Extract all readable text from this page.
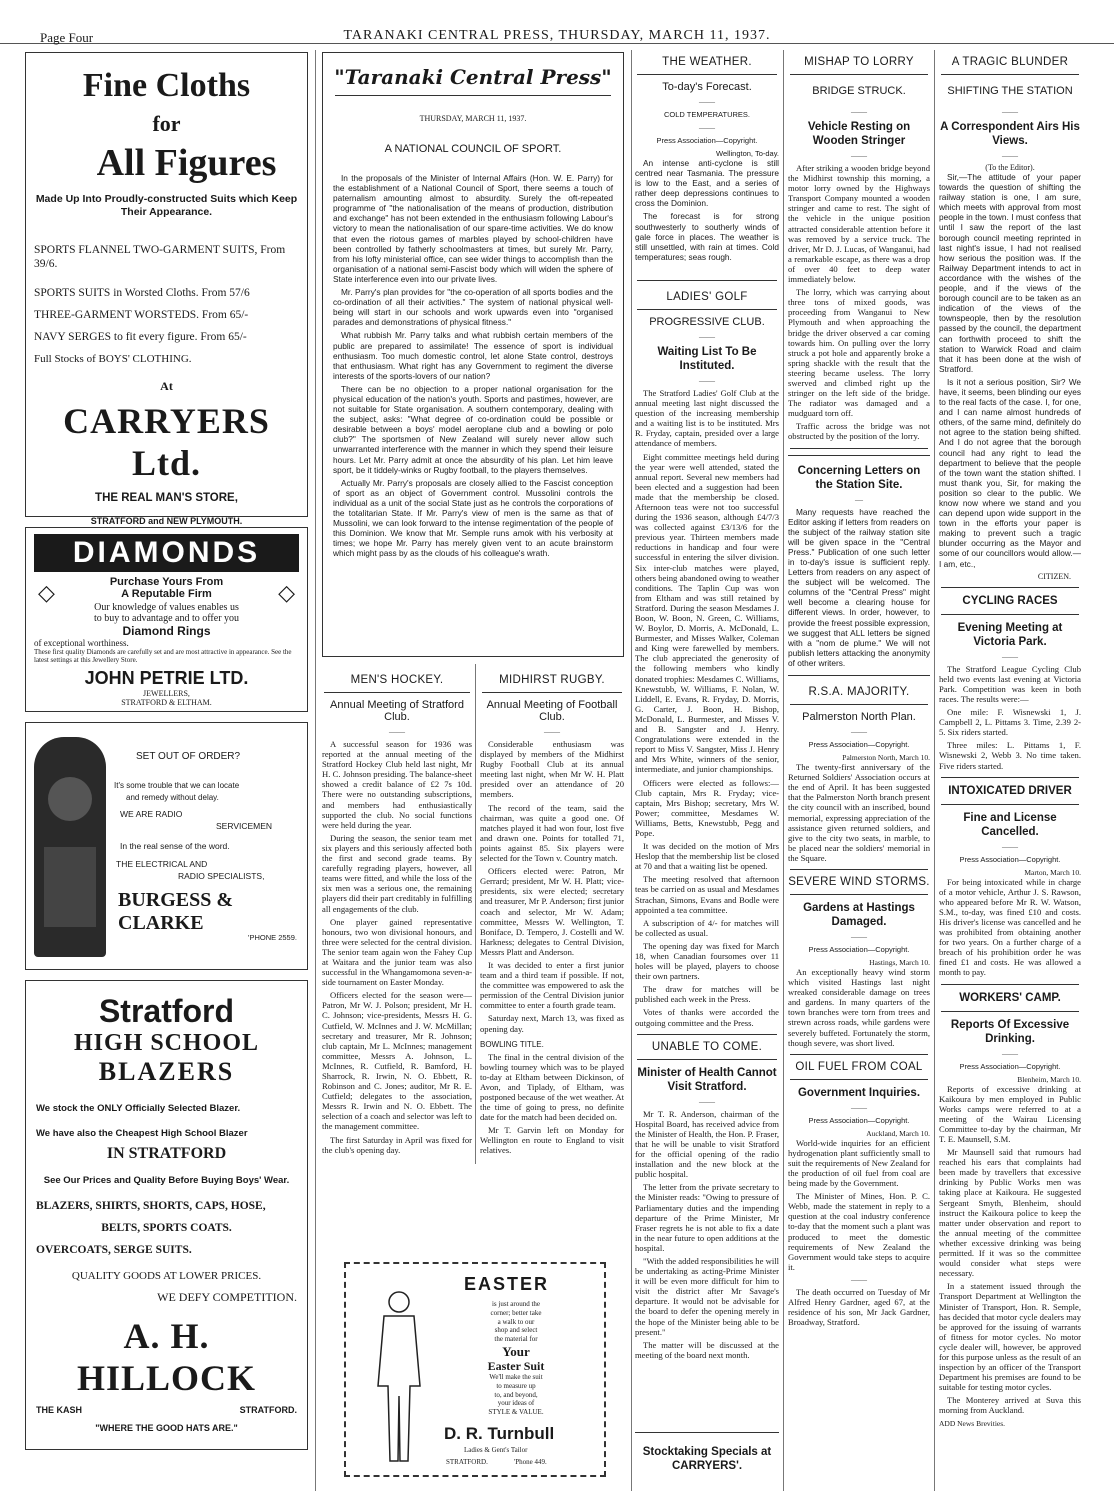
Page Four	TARANAKI CENTRAL PRESS, THURSDAY, MARCH 11, 1937.
Fine Cloths
for
All Figures
Made Up Into Proudly-constructed Suits which Keep Their Appearance.
SPORTS FLANNEL TWO-GARMENT SUITS, From 39/6.
SPORTS SUITS in Worsted Cloths. From 57/6
THREE-GARMENT WORSTEDS. From 65/-
NAVY SERGES to fit every figure. From 65/-
Full Stocks of BOYS' CLOTHING.
At
CARRYERS Ltd.
THE REAL MAN'S STORE,
STRATFORD and NEW PLYMOUTH.
DIAMONDS
◇	◇
Purchase Yours From
A Reputable Firm
Our knowledge of values enables us
to buy to advantage and to offer you
Diamond Rings
of exceptional worthiness.
These first quality Diamonds are carefully set and are most attractive in appearance. See the latest settings at this Jewellery Store.
JOHN PETRIE LTD.
JEWELLERS,
STRATFORD & ELTHAM.
SET OUT OF ORDER?
It's some trouble that we can locate
and remedy without delay.
WE ARE RADIO
SERVICEMEN
In the real sense of the word.
THE ELECTRICAL AND
RADIO SPECIALISTS,
BURGESS & CLARKE
'PHONE 2559.
Stratford
HIGH SCHOOL
BLAZERS
We stock the ONLY Officially Selected Blazer.
We have also the Cheapest High School Blazer
IN STRATFORD
See Our Prices and Quality Before Buying Boys' Wear.
BLAZERS, SHIRTS, SHORTS, CAPS, HOSE,
BELTS, SPORTS COATS.
OVERCOATS, SERGE SUITS.
QUALITY GOODS AT LOWER PRICES.
WE DEFY COMPETITION.
A. H. HILLOCK
THE KASH	STRATFORD.
"WHERE THE GOOD HATS ARE."
"Taranaki Central Press"
THURSDAY, MARCH 11, 1937.
A NATIONAL COUNCIL OF SPORT.

In the proposals of the Minister of Internal Affairs (Hon. W. E. Parry) for the establishment of a National Council of Sport, there seems a touch of paternalism amounting almost to absurdity. Surely the oft-repeated programme of "the nationalisation of the means of production, distribution and exchange" has not been extended in the enthusiasm following Labour's victory to mean the nationalisation of our spare-time activities. We do know that even the riotous games of marbles played by school-children have been controlled by fatherly schoolmasters at times, but surely Mr. Parry, from his lofty ministerial office, can see wider things to accomplish than the organisation of a national semi-Fascist body which will widen the sphere of State interference even into our private lives.

Mr. Parry's plan provides for "the co-operation of all sports bodies and the co-ordination of all their activities." The system of national physical well-being will start in our schools and work upwards even into "organised parades and demonstrations of physical fitness."

What rubbish Mr. Parry talks and what rubbish certain members of the public are prepared to assimilate! The essence of sport is individual enthusiasm. Too much domestic control, let alone State control, destroys that enthusiasm. What right has any Government to regiment the diverse interests of the sports-lovers of our nation?

There can be no objection to a proper national organisation for the physical education of the nation's youth. Sports and pastimes, however, are not suitable for State organisation. A southern contemporary, dealing with the subject, asks: "What degree of co-ordination could be possible or desirable between a boys' model aeroplane club and a bowling or polo club?" The sportsmen of New Zealand will surely never allow such unwarranted interference with the manner in which they spend their leisure hours. Let Mr. Parry admit at once the absurdity of his plan. Let him leave sport, be it tiddely-winks or Rugby football, to the players themselves.

Actually Mr. Parry's proposals are closely allied to the Fascist conception of sport as an object of Government control. Mussolini controls the individual as a unit of the social State just as he controls the corporations of the totalitarian State. If Mr. Parry's view of men is the same as that of Mussolini, we can look forward to the intense regimentation of the people of this Dominion. We know that Mr. Semple runs amok with his verbosity at times; we hope Mr. Parry has merely given vent to an acute brainstorm which might pass by as the clouds of his colleague's wrath.

MEN'S HOCKEY.
Annual Meeting of Stratford Club.
——

A successful season for 1936 was reported at the annual meeting of the Stratford Hockey Club held last night, Mr H. C. Johnson presiding. The balance-sheet showed a credit balance of £2 7s 10d. There were no outstanding subscriptions, and members had enthusiastically supported the club. No social functions were held during the year.

During the season, the senior team met six players and this seriously affected both the first and second grade teams. By carefully regrading players, however, all teams were fitted, and while the loss of the six men was a serious one, the remaining players did their part creditably in fulfilling all engagements of the club.

One player gained representative honours, two won divisional honours, and three were selected for the central division. The senior team again won the Fahey Cup at Waitara and the junior team was also successful in the Whangamomona seven-a-side tournament on Easter Monday.

Officers elected for the season were—Patron, Mr W. J. Polson; president, Mr H. C. Johnson; vice-presidents, Messrs H. G. Cutfield, W. McInnes and J. W. McMillan; secretary and treasurer, Mr R. Johnson; club captain, Mr L. McInnes; management committee, Messrs A. Johnson, L. McInnes, R. Cutfield, R. Bamford, H. Sharrock, R. Irwin, N. O. Ebbett, R. Robinson and C. Jones; auditor, Mr R. E. Cutfield; delegates to the association, Messrs R. Irwin and N. O. Ebbett. The selection of a coach and selector was left to the management committee.

The first Saturday in April was fixed for the club's opening day.

MIDHIRST RUGBY.
Annual Meeting of Football Club.
——

Considerable enthusiasm was displayed by members of the Midhirst Rugby Football Club at its annual meeting last night, when Mr W. H. Platt presided over an attendance of 20 members.

The record of the team, said the chairman, was quite a good one. Of matches played it had won four, lost five and drawn one. Points for totalled 71, points against 85. Six players were selected for the Town v. Country match.

Officers elected were: Patron, Mr Gerrard; president, Mr W. H. Platt; vice-presidents, six were elected; secretary and treasurer, Mr P. Anderson; first junior coach and selector, Mr W. Adam; committee, Messrs W. Wellington, T. Boniface, D. Tempero, J. Costelli and W. Harkness; delegates to Central Division, Messrs Platt and Anderson.

It was decided to enter a first junior team and a third team if possible. If not, the committee was empowered to ask the permission of the Central Division junior committee to enter a fourth grade team.

Saturday next, March 13, was fixed as opening day.

BOWLING TITLE.

The final in the central division of the bowling tourney which was to be played to-day at Eltham between Dickinson, of Avon, and Tiplady, of Eltham, was postponed because of the wet weather. At the time of going to press, no definite date for the match had been decided on.

Mr T. Garvin left on Monday for Wellington en route to England to visit relatives.

EASTER
is just around the
corner; better take
a walk to our
shop and select
the material for
Your
Easter Suit
We'll make the suit
to measure up
to, and beyond,
your ideas of
STYLE & VALUE.
D. R. Turnbull
Ladies & Gent's Tailor
STRATFORD.	'Phone 449.
THE WEATHER.
To-day's Forecast.
——
COLD TEMPERATURES.
——
Press Association—Copyright.
Wellington, To-day.

An intense anti-cyclone is still centred near Tasmania. The pressure is low to the East, and a series of rather deep depressions continues to cross the Dominion.

The forecast is for strong southwesterly to southerly winds of gale force in places. The weather is still unsettled, with rain at times. Cold temperatures; seas rough.

LADIES' GOLF
PROGRESSIVE CLUB.
——
Waiting List To Be Instituted.
——

The Stratford Ladies' Golf Club at the annual meeting last night discussed the question of the increasing membership and a waiting list is to be instituted. Mrs R. Fryday, captain, presided over a large attendance of members.

Eight committee meetings held during the year were well attended, stated the annual report. Several new members had been elected and a suggestion had been made that the membership be closed. Afternoon teas were not too successful during the 1936 season, although £4/7/3 was collected against £3/13/6 for the previous year. Thirteen members made reductions in handicap and four were successful in entering the silver division. Six inter-club matches were played, others being abandoned owing to weather conditions. The Taplin Cup was won from Eltham and was still retained by Stratford. During the season Mesdames J. Boon, W. Boon, N. Green, C. Williams, W. Boylor, D. Morris, A. McDonald, L. Burmester, and Misses Walker, Coleman and King were farewelled by members. The club appreciated the generosity of the following members who kindly donated trophies: Mesdames C. Williams, Knewstubb, W. Williams, F. Nolan, W. Liddell, E. Evans, R. Fryday, D. Morris, G. Carter, J. Boon, H. Bishop, McDonald, L. Burmester, and Misses V. and B. Sangster and J. Henry. Congratulations were extended in the report to Miss V. Sangster, Miss J. Henry and Mrs White, winners of the senior, intermediate, and junior championships.

Officers were elected as follows:—Club captain, Mrs R. Fryday; vice-captain, Mrs Bishop; secretary, Mrs W. Power; committee, Mesdames W. Williams, Betts, Knewstubb, Pegg and Pope.

It was decided on the motion of Mrs Heslop that the membership list be closed at 70 and that a waiting list be opened.

The meeting resolved that afternoon teas be carried on as usual and Mesdames Strachan, Simons, Evans and Bodle were appointed a tea committee.

A subscription of 4/- for matches will be collected as usual.

The opening day was fixed for March 18, when Canadian foursomes over 11 holes will be played, players to choose their own partners.

The draw for matches will be published each week in the Press.

Votes of thanks were accorded the outgoing committee and the Press.

UNABLE TO COME.
Minister of Health Cannot Visit Stratford.
——

Mr T. R. Anderson, chairman of the Hospital Board, has received advice from the Minister of Health, the Hon. P. Fraser, that he will be unable to visit Stratford for the official opening of the radio installation and the new block at the public hospital.

The letter from the private secretary to the Minister reads: "Owing to pressure of Parliamentary duties and the impending departure of the Prime Minister, Mr Fraser regrets he is not able to fix a date in the near future to open additions at the hospital.

"With the added responsibilities he will be undertaking as acting-Prime Minister it will be even more difficult for him to visit the district after Mr Savage's departure. It would not be advisable for the board to defer the opening merely in the hope of the Minister being able to be present."

The matter will be discussed at the meeting of the board next month.

Stocktaking Specials at CARRYERS'.
MISHAP TO LORRY
BRIDGE STRUCK.
——
Vehicle Resting on Wooden Stringer
——

After striking a wooden bridge beyond the Midhirst township this morning, a motor lorry owned by the Highways Transport Company mounted a wooden stringer and came to rest. The sight of the vehicle in the unique position attracted considerable attention before it was removed by a service truck. The driver, Mr D. J. Lucas, of Wanganui, had a remarkable escape, as there was a drop of over 40 feet to deep water immediately below.

The lorry, which was carrying about three tons of mixed goods, was proceeding from Wanganui to New Plymouth and when approaching the bridge the driver observed a car coming towards him. On pulling over the lorry struck a pot hole and apparently broke a spring shackle with the result that the steering became useless. The lorry swerved and climbed right up the stringer on the left side of the bridge. The radiator was damaged and a mudguard torn off.

Traffic across the bridge was not obstructed by the position of the lorry.

Concerning Letters on the Station Site.
—

Many requests have reached the Editor asking if letters from readers on the subject of the railway station site will be given space in the "Central Press." Publication of one such letter in to-day's issue is sufficient reply. Letters from readers on any aspect of the subject will be welcomed. The columns of the "Central Press" might well become a clearing house for different views. In order, however, to provide the freest possible expression, we suggest that ALL letters be signed with a "nom de plume." We will not publish letters attacking the anonymity of other writers.

R.S.A. MAJORITY.
Palmerston North Plan.
——
Press Association—Copyright.
Palmerston North, March 10.

The twenty-first anniversary of the Returned Soldiers' Association occurs at the end of April. It has been suggested that the Palmerston North branch present the city council with an inscribed, bound memorial, expressing appreciation of the assistance given returned soldiers, and give to the city two seats, in marble, to be placed near the soldiers' memorial in the Square.

SEVERE WIND STORMS.
Gardens at Hastings Damaged.
——
Press Association—Copyright.
Hastings, March 10.

An exceptionally heavy wind storm which visited Hastings last night wreaked considerable damage on trees and gardens. In many quarters of the town branches were torn from trees and strewn across roads, while gardens were severely buffeted. Fortunately the storm, though severe, was short lived.

OIL FUEL FROM COAL
Government Inquiries.
——
Press Association—Copyright.
Auckland, March 10.

World-wide inquiries for an efficient hydrogenation plant sufficiently small to suit the requirements of New Zealand for the production of oil fuel from coal are being made by the Government.

The Minister of Mines, Hon. P. C. Webb, made the statement in reply to a question at the coal industry conference to-day that the moment such a plant was produced to meet the domestic requirements of New Zealand the Government would take steps to acquire it.

——

The death occurred on Tuesday of Mr Alfred Henry Gardner, aged 67, at the residence of his son, Mr Jack Gardner, Broadway, Stratford.

A TRAGIC BLUNDER
SHIFTING THE STATION
——
A Correspondent Airs His Views.
——
(To the Editor).

Sir,—The attitude of your paper towards the question of shifting the railway station is one, I am sure, which meets with approval from most people in the town. I must confess that until I saw the report of the last borough council meeting reprinted in last night's issue, I had not realised how serious the position was. If the Railway Department intends to act in accordance with the wishes of the people, and if the views of the borough council are to be taken as an indication of the views of the townspeople, then by the resolution passed by the council, the department can forthwith proceed to shift the station to Warwick Road and claim that it has been done at the wish of Stratford.

Is it not a serious position, Sir? We have, it seems, been blinding our eyes to the real facts of the case. I, for one, and I can name almost hundreds of others, of the same mind, definitely do not agree to the station being shifted. And I do not agree that the borough council had any right to lead the department to believe that the people of the town want the station shifted. I must thank you, Sir, for making the position so clear to the public. We know now where we stand and you can depend upon wide support in the town in the efforts your paper is making to prevent such a tragic blunder occurring as the Mayor and some of our councillors would allow.—I am, etc.,

CITIZEN.
CYCLING RACES
Evening Meeting at Victoria Park.
——

The Stratford League Cycling Club held two events last evening at Victoria Park. Competition was keen in both races. The results were:—

One mile: F. Wisnewski 1, J. Campbell 2, L. Pittams 3. Time, 2.39 2-5. Six riders started.

Three miles: L. Pittams 1, F. Wisnewski 2, Webb 3. No time taken. Five riders started.

INTOXICATED DRIVER
Fine and License Cancelled.
——
Press Association—Copyright.
Marton, March 10.

For being intoxicated while in charge of a motor vehicle, Arthur J. S. Rawson, who appeared before Mr R. W. Watson, S.M., to-day, was fined £10 and costs. His driver's license was cancelled and he was prohibited from obtaining another for two years. On a further charge of a breach of his prohibition order he was fined £1 and costs. He was allowed a month to pay.

WORKERS' CAMP.
Reports Of Excessive Drinking.
——
Press Association—Copyright.
Blenheim, March 10.

Reports of excessive drinking at Kaikoura by men employed in Public Works camps were referred to at a meeting of the Wairau Licensing Committee to-day by the chairman, Mr T. E. Maunsell, S.M.

Mr Maunsell said that rumours had reached his ears that complaints had been made by travellers that excessive drinking by Public Works men was taking place at Kaikoura. He suggested Sergeant Smyth, Blenheim, should instruct the Kaikoura police to keep the matter under observation and report to the annual meeting of the committee whether excessive drinking was being permitted. If it was so the committee would consider what steps were necessary.

In a statement issued through the Transport Department at Wellington the Minister of Transport, Hon. R. Semple, has decided that motor cycle dealers may be approved for the issuing of warrants of fitness for motor cycles. No motor cycle dealer will, however, be approved for this purpose unless as the result of an inspection by an officer of the Transport Department his premises are found to be suitable for testing motor cycles.

The Monterey arrived at Suva this morning from Auckland.

ADD News Brevities.
